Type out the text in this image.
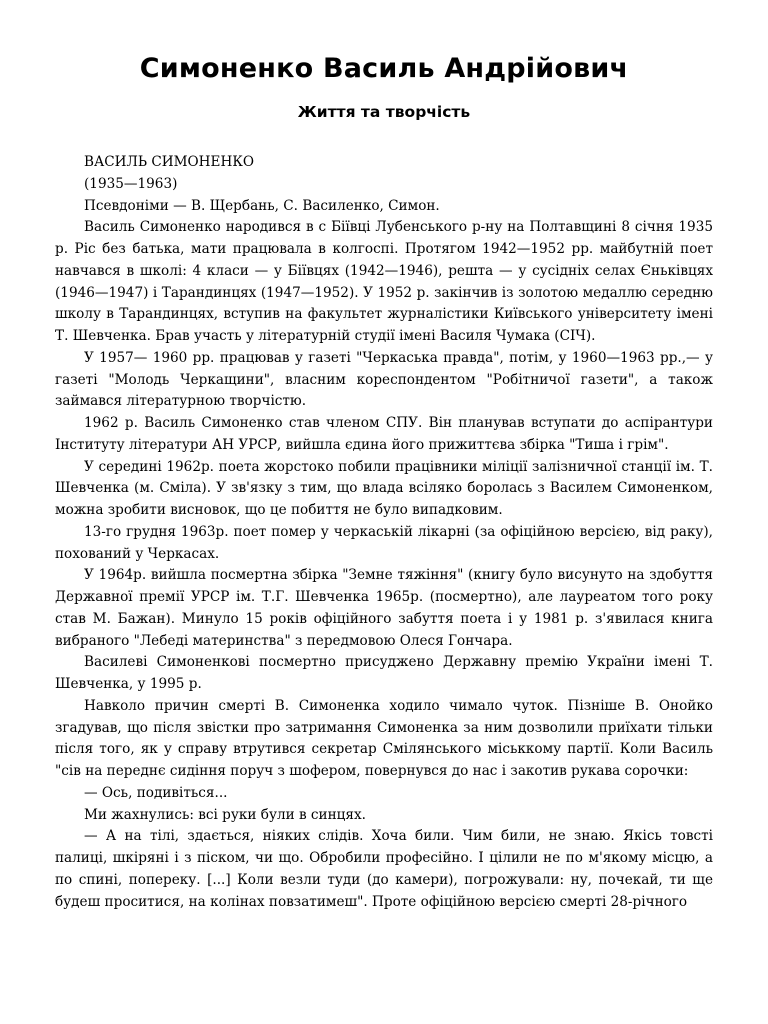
Симоненко Василь Андрійович
Життя та творчість

ВАСИЛЬ СИМОНЕНКО

(1935—1963)

Псевдоніми — В. Щербань, С. Василенко, Симон.

Василь Симоненко народився в с Біївці Лубенського р-ну на Полтавщині 8 січня 1935 р. Ріс без батька, мати працювала в колгоспі. Протягом 1942—1952 рр. майбутній поет навчався в школі: 4 класи — у Біївцях (1942—1946), решта — у сусідніх селах Єньківцях (1946—1947) і Тарандинцях (1947—1952). У 1952 р. закінчив із золотою медаллю середню школу в Тарандинцях, вступив на факультет журналістики Київського університету імені Т. Шевченка. Брав участь у літературній студії імені Василя Чумака (СІЧ).

У 1957— 1960 рр. працював у газеті "Черкаська правда", потім, у 1960—1963 рр.,— у газеті "Молодь Черкащини", власним кореспондентом "Робітничої газети", а також займався літературною творчістю.

1962 р. Василь Симоненко став членом СПУ. Він планував вступати до аспірантури Інституту літератури АН УРСР, вийшла єдина його прижиттєва збірка "Тиша і грім".

У середині 1962р. поета жорстоко побили працівники міліції залізничної станції ім. Т. Шевченка (м. Сміла). У зв'язку з тим, що влада всіляко боролась з Василем Симоненком, можна зробити висновок, що це побиття не було випадковим.

13-го грудня 1963р. поет помер у черкаській лікарні (за офіційною версією, від раку), похований у Черкасах.

У 1964р. вийшла посмертна збірка "Земне тяжіння" (книгу було висунуто на здобуття Державної премії УРСР ім. Т.Г. Шевченка 1965р. (посмертно), але лауреатом того року став М. Бажан). Минуло 15 років офіційного забуття поета і у 1981 р. з'явилася книга вибраного "Лебеді материнства" з передмовою Олеся Гончара.

Василеві Симоненкові посмертно присуджено Державну премію України імені Т. Шевченка, у 1995 р.

Навколо причин смерті В. Симоненка ходило чимало чуток. Пізніше В. Онойко згадував, що після звістки про затримання Симоненка за ним дозволили приїхати тільки після того, як у справу втрутився секретар Смілянського міськкому партії. Коли Василь "сів на переднє сидіння поруч з шофером, повернувся до нас і закотив рукава сорочки:

— Ось, подивіться...

Ми жахнулись: всі руки були в синцях.

— А на тілі, здається, ніяких слідів. Хоча били. Чим били, не знаю. Якісь товсті палиці, шкіряні і з піском, чи що. Обробили професійно. І цілили не по м'якому місцю, а по спині, попереку. [...] Коли везли туди (до камери), погрожували: ну, почекай, ти ще будеш проситися, на колінах повзатимеш". Проте офіційною версією смерті 28-річного
